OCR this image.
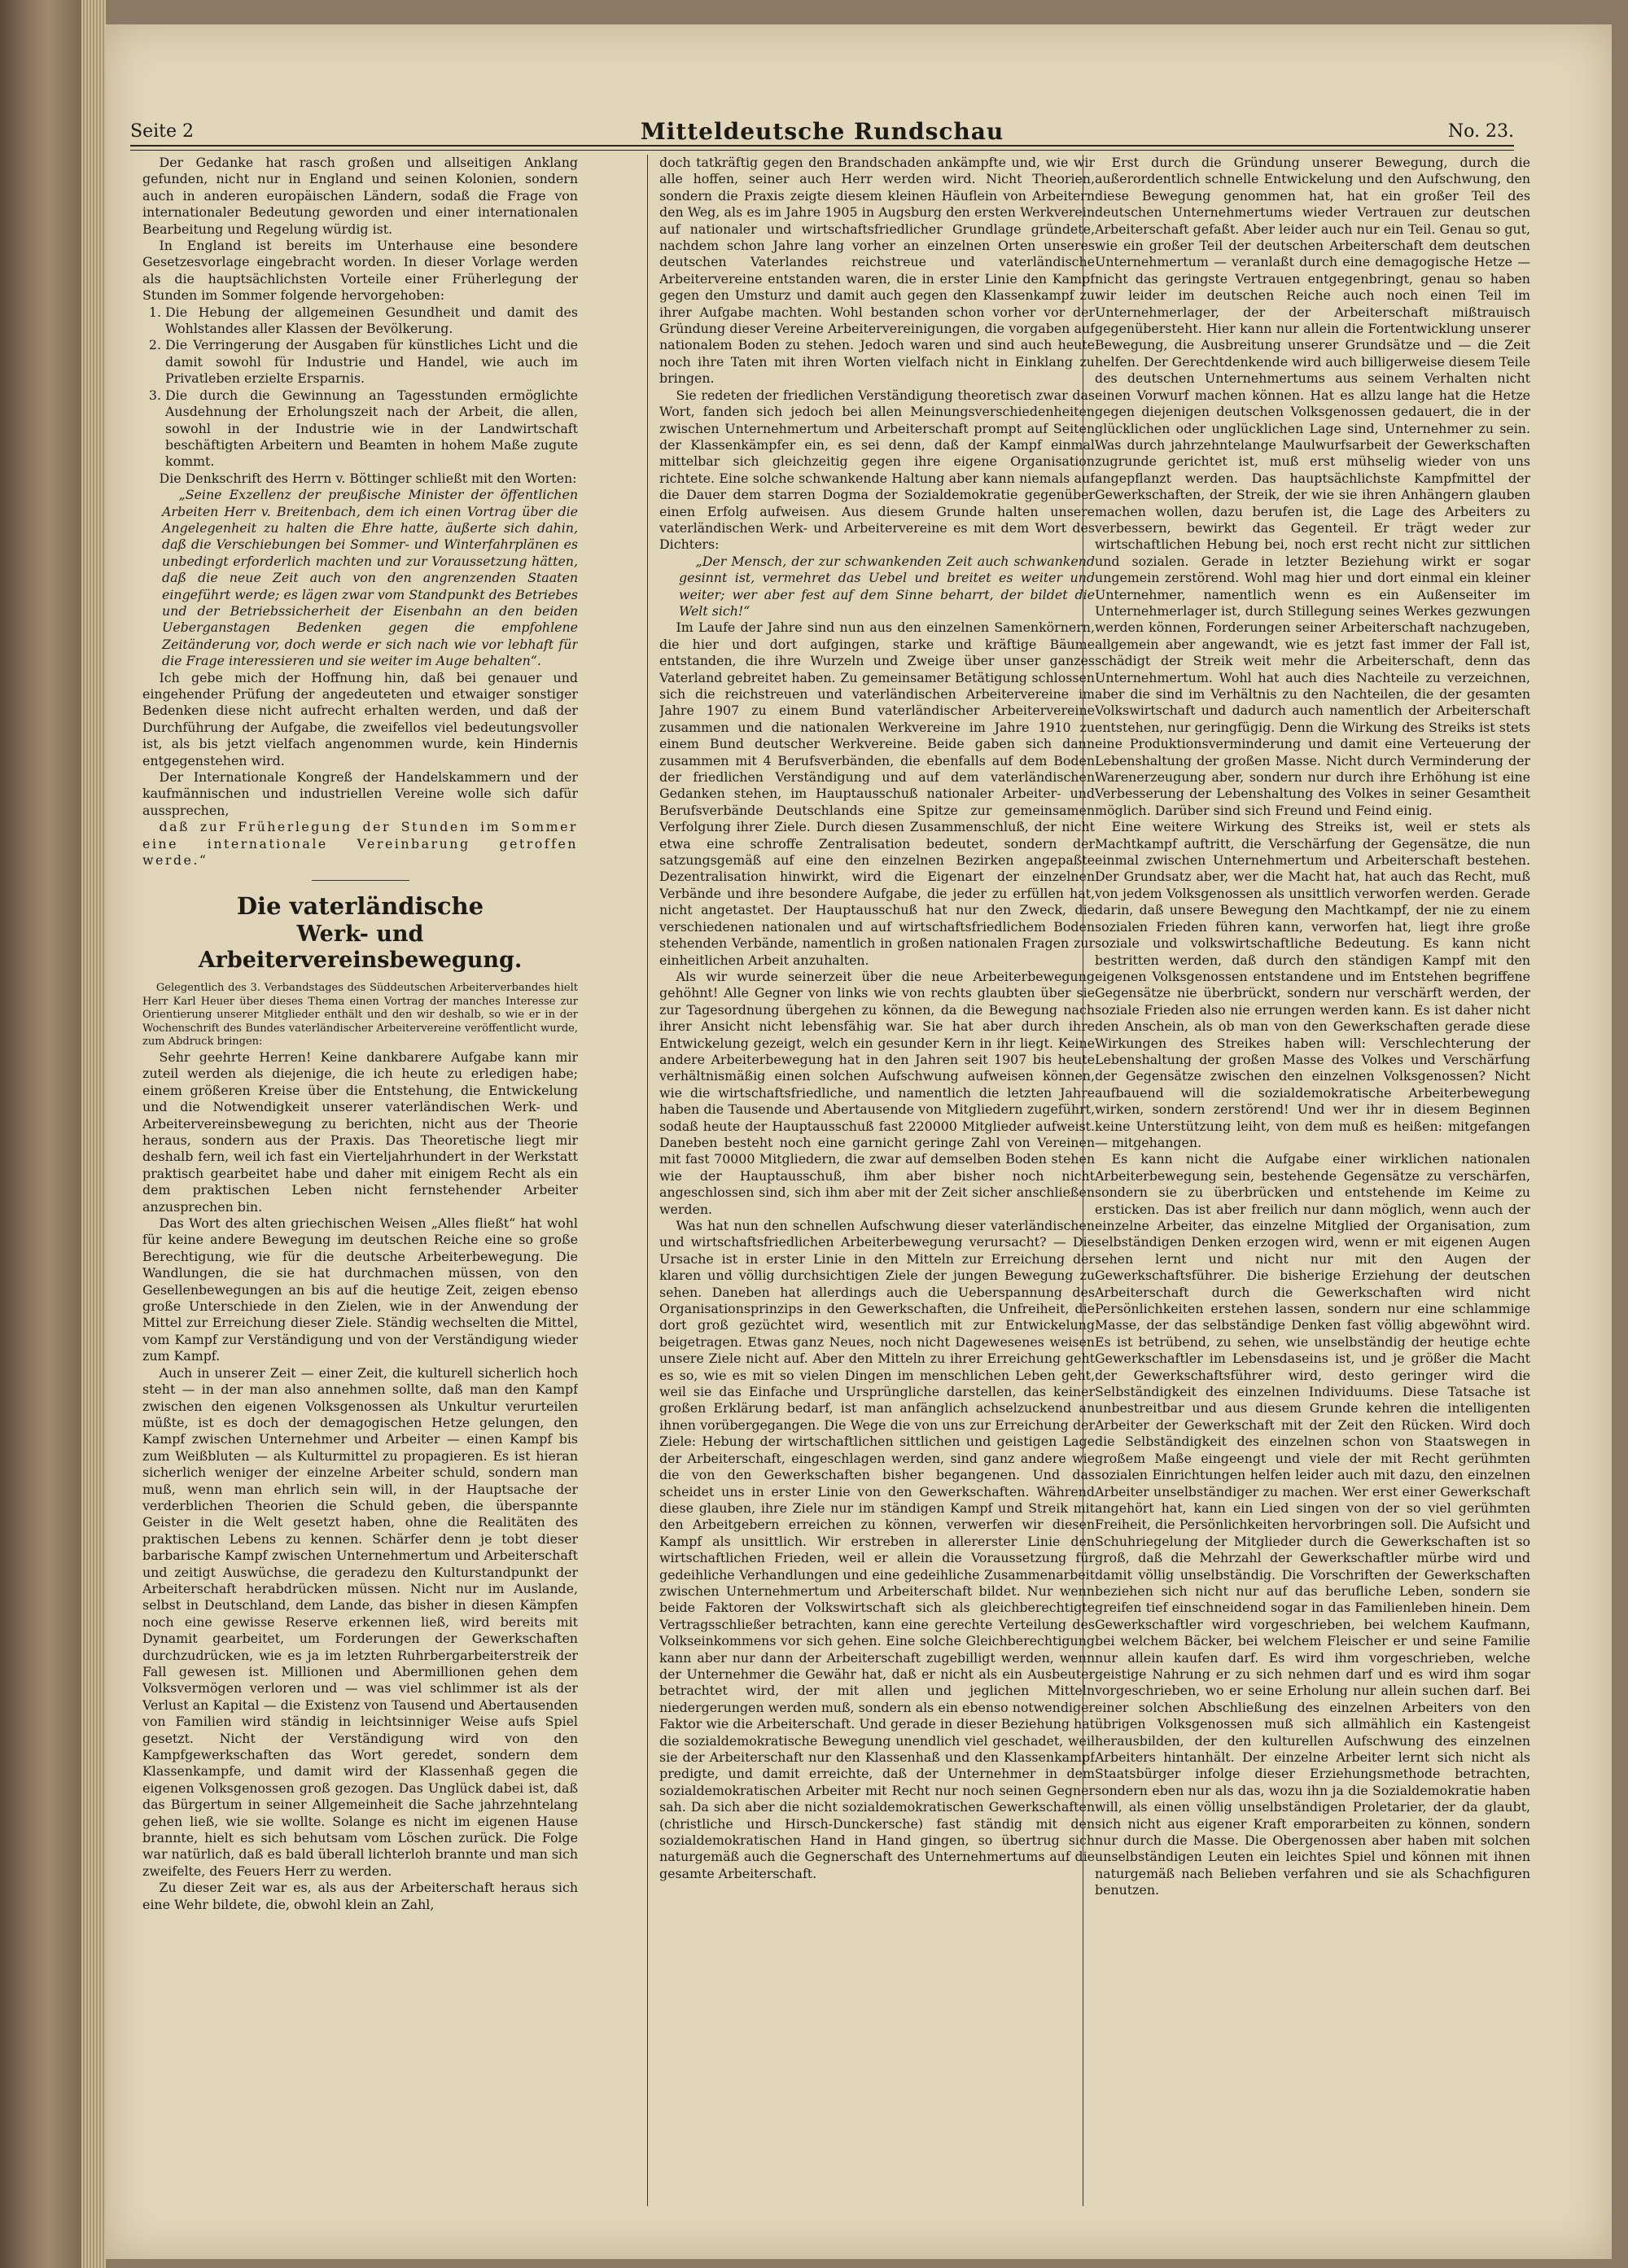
Seite 2	Mitteldeutsche Rundschau	No. 23.

Der Gedanke hat rasch großen und allseitigen Anklang gefunden, nicht nur in England und seinen Kolonien, sondern auch in anderen europäischen Ländern, sodaß die Frage von internationaler Bedeutung geworden und einer internationalen Bearbeitung und Regelung würdig ist.

In England ist bereits im Unterhause eine besondere Gesetzesvorlage eingebracht worden. In dieser Vorlage werden als die hauptsächlichsten Vorteile einer Früherlegung der Stunden im Sommer folgende hervorgehoben:

1. Die Hebung der allgemeinen Gesundheit und damit des Wohlstandes aller Klassen der Bevölkerung.
2. Die Verringerung der Ausgaben für künstliches Licht und die damit sowohl für Industrie und Handel, wie auch im Privatleben erzielte Ersparnis.
3. Die durch die Gewinnung an Tagesstunden ermöglichte Ausdehnung der Erholungszeit nach der Arbeit, die allen, sowohl in der Industrie wie in der Landwirtschaft beschäftigten Arbeitern und Beamten in hohem Maße zugute kommt.

Die Denkschrift des Herrn v. Böttinger schließt mit den Worten:

„Seine Exzellenz der preußische Minister der öffentlichen Arbeiten Herr v. Breitenbach, dem ich einen Vortrag über die Angelegenheit zu halten die Ehre hatte, äußerte sich dahin, daß die Verschiebungen bei Sommer- und Winterfahrplänen es unbedingt erforderlich machten und zur Voraussetzung hätten, daß die neue Zeit auch von den angrenzenden Staaten eingeführt werde; es lägen zwar vom Standpunkt des Betriebes und der Betriebssicherheit der Eisenbahn an den beiden Ueberganstagen Bedenken gegen die empfohlene Zeitänderung vor, doch werde er sich nach wie vor lebhaft für die Frage interessieren und sie weiter im Auge behalten“.

Ich gebe mich der Hoffnung hin, daß bei genauer und eingehender Prüfung der angedeuteten und etwaiger sonstiger Bedenken diese nicht aufrecht erhalten werden, und daß der Durchführung der Aufgabe, die zweifellos viel bedeutungsvoller ist, als bis jetzt vielfach angenommen wurde, kein Hindernis entgegenstehen wird.

Der Internationale Kongreß der Handelskammern und der kaufmännischen und industriellen Vereine wolle sich dafür aussprechen,

daß zur Früherlegung der Stunden im Sommer eine internationale Vereinbarung getroffen werde.“

Die vaterländische
Werk- und Arbeitervereinsbewegung.

Gelegentlich des 3. Verbandstages des Süddeutschen Arbeiterverbandes hielt Herr Karl Heuer über dieses Thema einen Vortrag der manches Interesse zur Orientierung unserer Mitglieder enthält und den wir deshalb, so wie er in der Wochenschrift des Bundes vaterländischer Arbeitervereine veröffentlicht wurde, zum Abdruck bringen:

Sehr geehrte Herren! Keine dankbarere Aufgabe kann mir zuteil werden als diejenige, die ich heute zu erledigen habe; einem größeren Kreise über die Entstehung, die Entwickelung und die Notwendigkeit unserer vaterländischen Werk- und Arbeitervereinsbewegung zu berichten, nicht aus der Theorie heraus, sondern aus der Praxis. Das Theoretische liegt mir deshalb fern, weil ich fast ein Vierteljahrhundert in der Werkstatt praktisch gearbeitet habe und daher mit einigem Recht als ein dem praktischen Leben nicht fernstehender Arbeiter anzusprechen bin.

Das Wort des alten griechischen Weisen „Alles fließt“ hat wohl für keine andere Bewegung im deutschen Reiche eine so große Berechtigung, wie für die deutsche Arbeiterbewegung. Die Wandlungen, die sie hat durchmachen müssen, von den Gesellenbewegungen an bis auf die heutige Zeit, zeigen ebenso große Unterschiede in den Zielen, wie in der Anwendung der Mittel zur Erreichung dieser Ziele. Ständig wechselten die Mittel, vom Kampf zur Verständigung und von der Verständigung wieder zum Kampf.

Auch in unserer Zeit — einer Zeit, die kulturell sicherlich hoch steht — in der man also annehmen sollte, daß man den Kampf zwischen den eigenen Volksgenossen als Unkultur verurteilen müßte, ist es doch der demagogischen Hetze gelungen, den Kampf zwischen Unternehmer und Arbeiter — einen Kampf bis zum Weißbluten — als Kulturmittel zu propagieren. Es ist hieran sicherlich weniger der einzelne Arbeiter schuld, sondern man muß, wenn man ehrlich sein will, in der Hauptsache der verderblichen Theorien die Schuld geben, die überspannte Geister in die Welt gesetzt haben, ohne die Realitäten des praktischen Lebens zu kennen. Schärfer denn je tobt dieser barbarische Kampf zwischen Unternehmertum und Arbeiterschaft und zeitigt Auswüchse, die geradezu den Kulturstandpunkt der Arbeiterschaft herabdrücken müssen. Nicht nur im Auslande, selbst in Deutschland, dem Lande, das bisher in diesen Kämpfen noch eine gewisse Reserve erkennen ließ, wird bereits mit Dynamit gearbeitet, um Forderungen der Gewerkschaften durchzudrücken, wie es ja im letzten Ruhrbergarbeiterstreik der Fall gewesen ist. Millionen und Abermillionen gehen dem Volksvermögen verloren und — was viel schlimmer ist als der Verlust an Kapital — die Existenz von Tausend und Abertausenden von Familien wird ständig in leichtsinniger Weise aufs Spiel gesetzt. Nicht der Verständigung wird von den Kampfgewerkschaften das Wort geredet, sondern dem Klassenkampfe, und damit wird der Klassenhaß gegen die eigenen Volksgenossen groß gezogen. Das Unglück dabei ist, daß das Bürgertum in seiner Allgemeinheit die Sache jahrzehntelang gehen ließ, wie sie wollte. Solange es nicht im eigenen Hause brannte, hielt es sich behutsam vom Löschen zurück. Die Folge war natürlich, daß es bald überall lichterloh brannte und man sich zweifelte, des Feuers Herr zu werden.

Zu dieser Zeit war es, als aus der Arbeiterschaft heraus sich eine Wehr bildete, die, obwohl klein an Zahl,

doch tatkräftig gegen den Brandschaden ankämpfte und, wie wir alle hoffen, seiner auch Herr werden wird. Nicht Theorien, sondern die Praxis zeigte diesem kleinen Häuflein von Arbeitern den Weg, als es im Jahre 1905 in Augsburg den ersten Werkverein auf nationaler und wirtschaftsfriedlicher Grundlage gründete, nachdem schon Jahre lang vorher an einzelnen Orten unseres deutschen Vaterlandes reichstreue und vaterländische Arbeitervereine entstanden waren, die in erster Linie den Kampf gegen den Umsturz und damit auch gegen den Klassenkampf zu ihrer Aufgabe machten. Wohl bestanden schon vorher vor der Gründung dieser Vereine Arbeitervereinigungen, die vorgaben auf nationalem Boden zu stehen. Jedoch waren und sind auch heute noch ihre Taten mit ihren Worten vielfach nicht in Einklang zu bringen.

Sie redeten der friedlichen Verständigung theoretisch zwar das Wort, fanden sich jedoch bei allen Meinungsverschiedenheiten zwischen Unternehmertum und Arbeiterschaft prompt auf Seiten der Klassenkämpfer ein, es sei denn, daß der Kampf einmal mittelbar sich gleichzeitig gegen ihre eigene Organisation richtete. Eine solche schwankende Haltung aber kann niemals auf die Dauer dem starren Dogma der Sozialdemokratie gegenüber einen Erfolg aufweisen. Aus diesem Grunde halten unsere vaterländischen Werk- und Arbeitervereine es mit dem Wort des Dichters:

„Der Mensch, der zur schwankenden Zeit auch schwankend gesinnt ist, vermehret das Uebel und breitet es weiter und weiter; wer aber fest auf dem Sinne beharrt, der bildet die Welt sich!“

Im Laufe der Jahre sind nun aus den einzelnen Samenkörnern, die hier und dort aufgingen, starke und kräftige Bäume entstanden, die ihre Wurzeln und Zweige über unser ganzes Vaterland gebreitet haben. Zu gemeinsamer Betätigung schlossen sich die reichstreuen und vaterländischen Arbeitervereine im Jahre 1907 zu einem Bund vaterländischer Arbeitervereine zusammen und die nationalen Werkvereine im Jahre 1910 zu einem Bund deutscher Werkvereine. Beide gaben sich dann zusammen mit 4 Berufsverbänden, die ebenfalls auf dem Boden der friedlichen Verständigung und auf dem vaterländischen Gedanken stehen, im Hauptausschuß nationaler Arbeiter- und Berufsverbände Deutschlands eine Spitze zur gemeinsamen Verfolgung ihrer Ziele. Durch diesen Zusammenschluß, der nicht etwa eine schroffe Zentralisation bedeutet, sondern der satzungsgemäß auf eine den einzelnen Bezirken angepaßte Dezentralisation hinwirkt, wird die Eigenart der einzelnen Verbände und ihre besondere Aufgabe, die jeder zu erfüllen hat, nicht angetastet. Der Hauptausschuß hat nur den Zweck, die verschiedenen nationalen und auf wirtschaftsfriedlichem Boden stehenden Verbände, namentlich in großen nationalen Fragen zur einheitlichen Arbeit anzuhalten.

Als wir wurde seinerzeit über die neue Arbeiterbewegung gehöhnt! Alle Gegner von links wie von rechts glaubten über sie zur Tagesordnung übergehen zu können, da die Bewegung nach ihrer Ansicht nicht lebensfähig war. Sie hat aber durch ihre Entwickelung gezeigt, welch ein gesunder Kern in ihr liegt. Keine andere Arbeiterbewegung hat in den Jahren seit 1907 bis heute verhältnismäßig einen solchen Aufschwung aufweisen können, wie die wirtschaftsfriedliche, und namentlich die letzten Jahre haben die Tausende und Abertausende von Mitgliedern zugeführt, sodaß heute der Hauptausschuß fast 220000 Mitglieder aufweist. Daneben besteht noch eine garnicht geringe Zahl von Vereinen mit fast 70000 Mitgliedern, die zwar auf demselben Boden stehen wie der Hauptausschuß, ihm aber bisher noch nicht angeschlossen sind, sich ihm aber mit der Zeit sicher anschließen werden.

Was hat nun den schnellen Aufschwung dieser vaterländischen und wirtschaftsfriedlichen Arbeiterbewegung verursacht? — Die Ursache ist in erster Linie in den Mitteln zur Erreichung der klaren und völlig durchsichtigen Ziele der jungen Bewegung zu sehen. Daneben hat allerdings auch die Ueberspannung des Organisationsprinzips in den Gewerkschaften, die Unfreiheit, die dort groß gezüchtet wird, wesentlich mit zur Entwickelung beigetragen. Etwas ganz Neues, noch nicht Dagewesenes weisen unsere Ziele nicht auf. Aber den Mitteln zu ihrer Erreichung geht es so, wie es mit so vielen Dingen im menschlichen Leben geht, weil sie das Einfache und Ursprüngliche darstellen, das keiner großen Erklärung bedarf, ist man anfänglich achselzuckend an ihnen vorübergegangen. Die Wege die von uns zur Erreichung der Ziele: Hebung der wirtschaftlichen sittlichen und geistigen Lage der Arbeiterschaft, eingeschlagen werden, sind ganz andere wie die von den Gewerkschaften bisher begangenen. Und das scheidet uns in erster Linie von den Gewerkschaften. Während diese glauben, ihre Ziele nur im ständigen Kampf und Streik mit den Arbeitgebern erreichen zu können, verwerfen wir diesen Kampf als unsittlich. Wir erstreben in allererster Linie den wirtschaftlichen Frieden, weil er allein die Voraussetzung für gedeihliche Verhandlungen und eine gedeihliche Zusammenarbeit zwischen Unternehmertum und Arbeiterschaft bildet. Nur wenn beide Faktoren der Volkswirtschaft sich als gleichberechtigte Vertragsschließer betrachten, kann eine gerechte Verteilung des Volkseinkommens vor sich gehen. Eine solche Gleichberechtigung kann aber nur dann der Arbeiterschaft zugebilligt werden, wenn der Unternehmer die Gewähr hat, daß er nicht als ein Ausbeuter betrachtet wird, der mit allen und jeglichen Mitteln niedergerungen werden muß, sondern als ein ebenso notwendiger Faktor wie die Arbeiterschaft. Und gerade in dieser Beziehung hat die sozialdemokratische Bewegung unendlich viel geschadet, weil sie der Arbeiterschaft nur den Klassenhaß und den Klassenkampf predigte, und damit erreichte, daß der Unternehmer in dem sozialdemokratischen Arbeiter mit Recht nur noch seinen Gegner sah. Da sich aber die nicht sozialdemokratischen Gewerkschaften (christliche und Hirsch-Dunckersche) fast ständig mit den sozialdemokratischen Hand in Hand gingen, so übertrug sich naturgemäß auch die Gegnerschaft des Unternehmertums auf die gesamte Arbeiterschaft.

Erst durch die Gründung unserer Bewegung, durch die außerordentlich schnelle Entwickelung und den Aufschwung, den diese Bewegung genommen hat, hat ein großer Teil des deutschen Unternehmertums wieder Vertrauen zur deutschen Arbeiterschaft gefaßt. Aber leider auch nur ein Teil. Genau so gut, wie ein großer Teil der deutschen Arbeiterschaft dem deutschen Unternehmertum — veranlaßt durch eine demagogische Hetze — nicht das geringste Vertrauen entgegenbringt, genau so haben wir leider im deutschen Reiche auch noch einen Teil im Unternehmerlager, der der Arbeiterschaft mißtrauisch gegenübersteht. Hier kann nur allein die Fortentwicklung unserer Bewegung, die Ausbreitung unserer Grundsätze und — die Zeit helfen. Der Gerechtdenkende wird auch billigerweise diesem Teile des deutschen Unternehmertums aus seinem Verhalten nicht einen Vorwurf machen können. Hat es allzu lange hat die Hetze gegen diejenigen deutschen Volksgenossen gedauert, die in der glücklichen oder unglücklichen Lage sind, Unternehmer zu sein. Was durch jahrzehntelange Maulwurfsarbeit der Gewerkschaften zugrunde gerichtet ist, muß erst mühselig wieder von uns angepflanzt werden. Das hauptsächlichste Kampfmittel der Gewerkschaften, der Streik, der wie sie ihren Anhängern glauben machen wollen, dazu berufen ist, die Lage des Arbeiters zu verbessern, bewirkt das Gegenteil. Er trägt weder zur wirtschaftlichen Hebung bei, noch erst recht nicht zur sittlichen und sozialen. Gerade in letzter Beziehung wirkt er sogar ungemein zerstörend. Wohl mag hier und dort einmal ein kleiner Unternehmer, namentlich wenn es ein Außenseiter im Unternehmerlager ist, durch Stillegung seines Werkes gezwungen werden können, Forderungen seiner Arbeiterschaft nachzugeben, allgemein aber angewandt, wie es jetzt fast immer der Fall ist, schädigt der Streik weit mehr die Arbeiterschaft, denn das Unternehmertum. Wohl hat auch dies Nachteile zu verzeichnen, aber die sind im Verhältnis zu den Nachteilen, die der gesamten Volkswirtschaft und dadurch auch namentlich der Arbeiterschaft entstehen, nur geringfügig. Denn die Wirkung des Streiks ist stets eine Produktionsverminderung und damit eine Verteuerung der Lebenshaltung der großen Masse. Nicht durch Verminderung der Warenerzeugung aber, sondern nur durch ihre Erhöhung ist eine Verbesserung der Lebenshaltung des Volkes in seiner Gesamtheit möglich. Darüber sind sich Freund und Feind einig.

Eine weitere Wirkung des Streiks ist, weil er stets als Machtkampf auftritt, die Verschärfung der Gegensätze, die nun einmal zwischen Unternehmertum und Arbeiterschaft bestehen. Der Grundsatz aber, wer die Macht hat, hat auch das Recht, muß von jedem Volksgenossen als unsittlich verworfen werden. Gerade darin, daß unsere Bewegung den Machtkampf, der nie zu einem sozialen Frieden führen kann, verworfen hat, liegt ihre große soziale und volkswirtschaftliche Bedeutung. Es kann nicht bestritten werden, daß durch den ständigen Kampf mit den eigenen Volksgenossen entstandene und im Entstehen begriffene Gegensätze nie überbrückt, sondern nur verschärft werden, der soziale Frieden also nie errungen werden kann. Es ist daher nicht den Anschein, als ob man von den Gewerkschaften gerade diese Wirkungen des Streikes haben will: Verschlechterung der Lebenshaltung der großen Masse des Volkes und Verschärfung der Gegensätze zwischen den einzelnen Volksgenossen? Nicht aufbauend will die sozialdemokratische Arbeiterbewegung wirken, sondern zerstörend! Und wer ihr in diesem Beginnen keine Unterstützung leiht, von dem muß es heißen: mitgefangen — mitgehangen.

Es kann nicht die Aufgabe einer wirklichen nationalen Arbeiterbewegung sein, bestehende Gegensätze zu verschärfen, sondern sie zu überbrücken und entstehende im Keime zu ersticken. Das ist aber freilich nur dann möglich, wenn auch der einzelne Arbeiter, das einzelne Mitglied der Organisation, zum selbständigen Denken erzogen wird, wenn er mit eigenen Augen sehen lernt und nicht nur mit den Augen der Gewerkschaftsführer. Die bisherige Erziehung der deutschen Arbeiterschaft durch die Gewerkschaften wird nicht Persönlichkeiten erstehen lassen, sondern nur eine schlammige Masse, der das selbständige Denken fast völlig abgewöhnt wird. Es ist betrübend, zu sehen, wie unselbständig der heutige echte Gewerkschaftler im Lebensdaseins ist, und je größer die Macht der Gewerkschaftsführer wird, desto geringer wird die Selbständigkeit des einzelnen Individuums. Diese Tatsache ist unbestreitbar und aus diesem Grunde kehren die intelligenten Arbeiter der Gewerkschaft mit der Zeit den Rücken. Wird doch die Selbständigkeit des einzelnen schon von Staatswegen in großem Maße eingeengt und viele der mit Recht gerühmten sozialen Einrichtungen helfen leider auch mit dazu, den einzelnen Arbeiter unselbständiger zu machen. Wer erst einer Gewerkschaft angehört hat, kann ein Lied singen von der so viel gerühmten Freiheit, die Persönlichkeiten hervorbringen soll. Die Aufsicht und Schuhriegelung der Mitglieder durch die Gewerkschaften ist so groß, daß die Mehrzahl der Gewerkschaftler mürbe wird und damit völlig unselbständig. Die Vorschriften der Gewerkschaften beziehen sich nicht nur auf das berufliche Leben, sondern sie greifen tief einschneidend sogar in das Familienleben hinein. Dem Gewerkschaftler wird vorgeschrieben, bei welchem Kaufmann, bei welchem Bäcker, bei welchem Fleischer er und seine Familie nur allein kaufen darf. Es wird ihm vorgeschrieben, welche geistige Nahrung er zu sich nehmen darf und es wird ihm sogar vorgeschrieben, wo er seine Erholung nur allein suchen darf. Bei einer solchen Abschließung des einzelnen Arbeiters von den übrigen Volksgenossen muß sich allmählich ein Kastengeist herausbilden, der den kulturellen Aufschwung des einzelnen Arbeiters hintanhält. Der einzelne Arbeiter lernt sich nicht als Staatsbürger infolge dieser Erziehungsmethode betrachten, sondern eben nur als das, wozu ihn ja die Sozialdemokratie haben will, als einen völlig unselbständigen Proletarier, der da glaubt, sich nicht aus eigener Kraft emporarbeiten zu können, sondern nur durch die Masse. Die Obergenossen aber haben mit solchen unselbständigen Leuten ein leichtes Spiel und können mit ihnen naturgemäß nach Belieben verfahren und sie als Schachfiguren benutzen.
